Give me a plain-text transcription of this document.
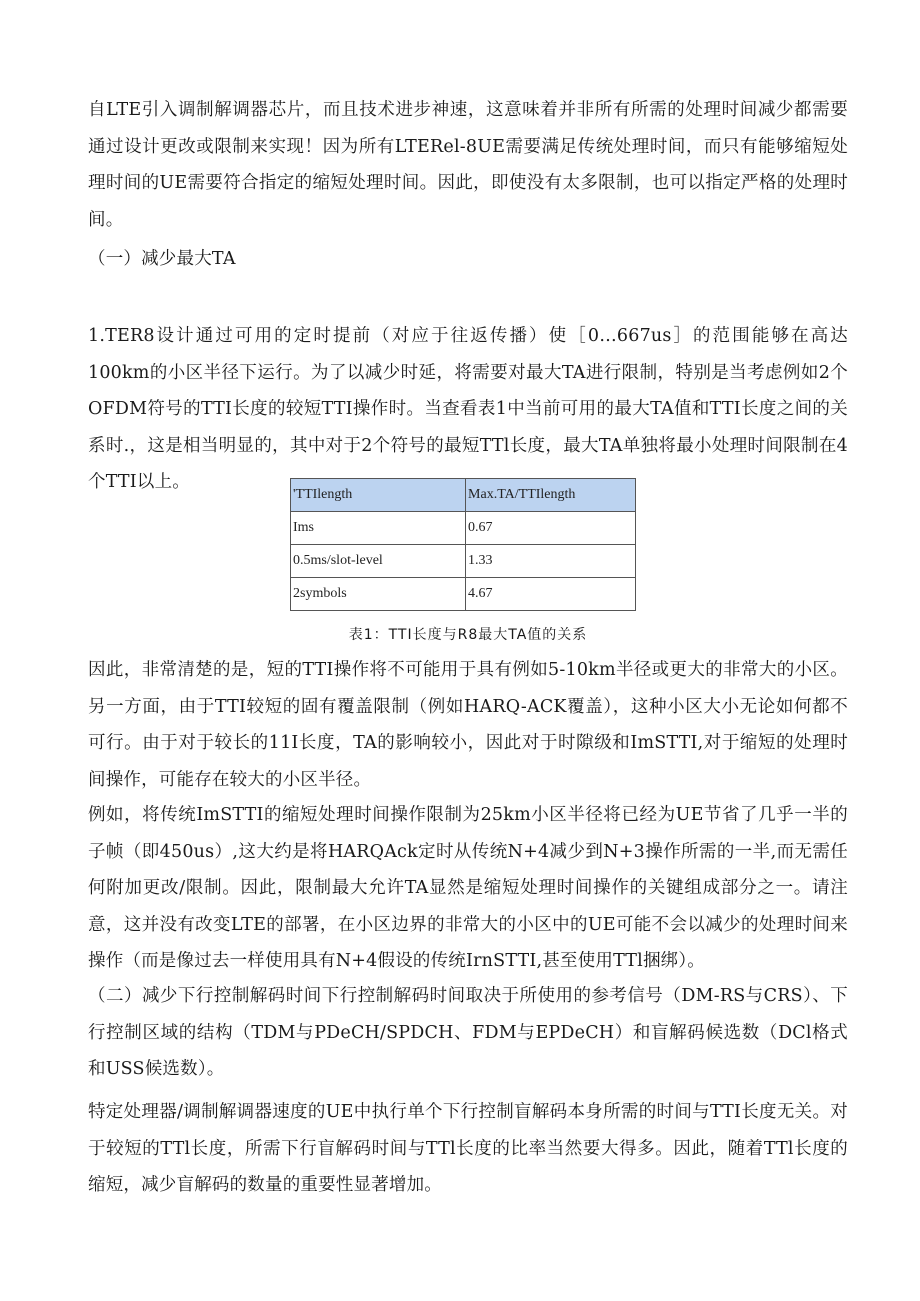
自LTE引入调制解调器芯片，而且技术进步神速，这意味着并非所有所需的处理时间减少都需要通过设计更改或限制来实现！因为所有LTERel-8UE需要满足传统处理时间，而只有能够缩短处理时间的UE需要符合指定的缩短处理时间。因此，即使没有太多限制，也可以指定严格的处理时间。

（一）减少最大TA

1.TER8设计通过可用的定时提前（对应于往返传播）使［0…667us］的范围能够在高达100km的小区半径下运行。为了以减少时延，将需要对最大TA进行限制，特别是当考虑例如2个OFDM符号的TTI长度的较短TTI操作时。当查看表1中当前可用的最大TA值和TTI长度之间的关系时.，这是相当明显的，其中对于2个符号的最短TTl长度，最大TA单独将最小处理时间限制在4个TTI以上。

'TTIlength	Max.TA/TTIlength
Ims	0.67
0.5ms/slot-level	1.33
2symbols	4.67
表1：TTI长度与R8最大TA值的关系

因此，非常清楚的是，短的TTI操作将不可能用于具有例如5-10km半径或更大的非常大的小区。另一方面，由于TTI较短的固有覆盖限制（例如HARQ-ACK覆盖），这种小区大小无论如何都不可行。由于对于较长的11I长度，TA的影响较小，因此对于时隙级和ImSTTI,对于缩短的处理时间操作，可能存在较大的小区半径。

例如，将传统ImSTTI的缩短处理时间操作限制为25km小区半径将已经为UE节省了几乎一半的子帧（即450us）,这大约是将HARQAck定时从传统N+4减少到N+3操作所需的一半,而无需任何附加更改/限制。因此，限制最大允许TA显然是缩短处理时间操作的关键组成部分之一。请注意，这并没有改变LTE的部署，在小区边界的非常大的小区中的UE可能不会以减少的处理时间来操作（而是像过去一样使用具有N+4假设的传统IrnSTTI,甚至使用TTl捆绑）。

（二）减少下行控制解码时间下行控制解码时间取决于所使用的参考信号（DM-RS与CRS）、下行控制区域的结构（TDM与PDeCH/SPDCH、FDM与EPDeCH）和盲解码候选数（DCl格式和USS候选数）。

特定处理器/调制解调器速度的UE中执行单个下行控制盲解码本身所需的时间与TTI长度无关。对于较短的TTl长度，所需下行盲解码时间与TTl长度的比率当然要大得多。因此，随着TTl长度的缩短，减少盲解码的数量的重要性显著增加。
